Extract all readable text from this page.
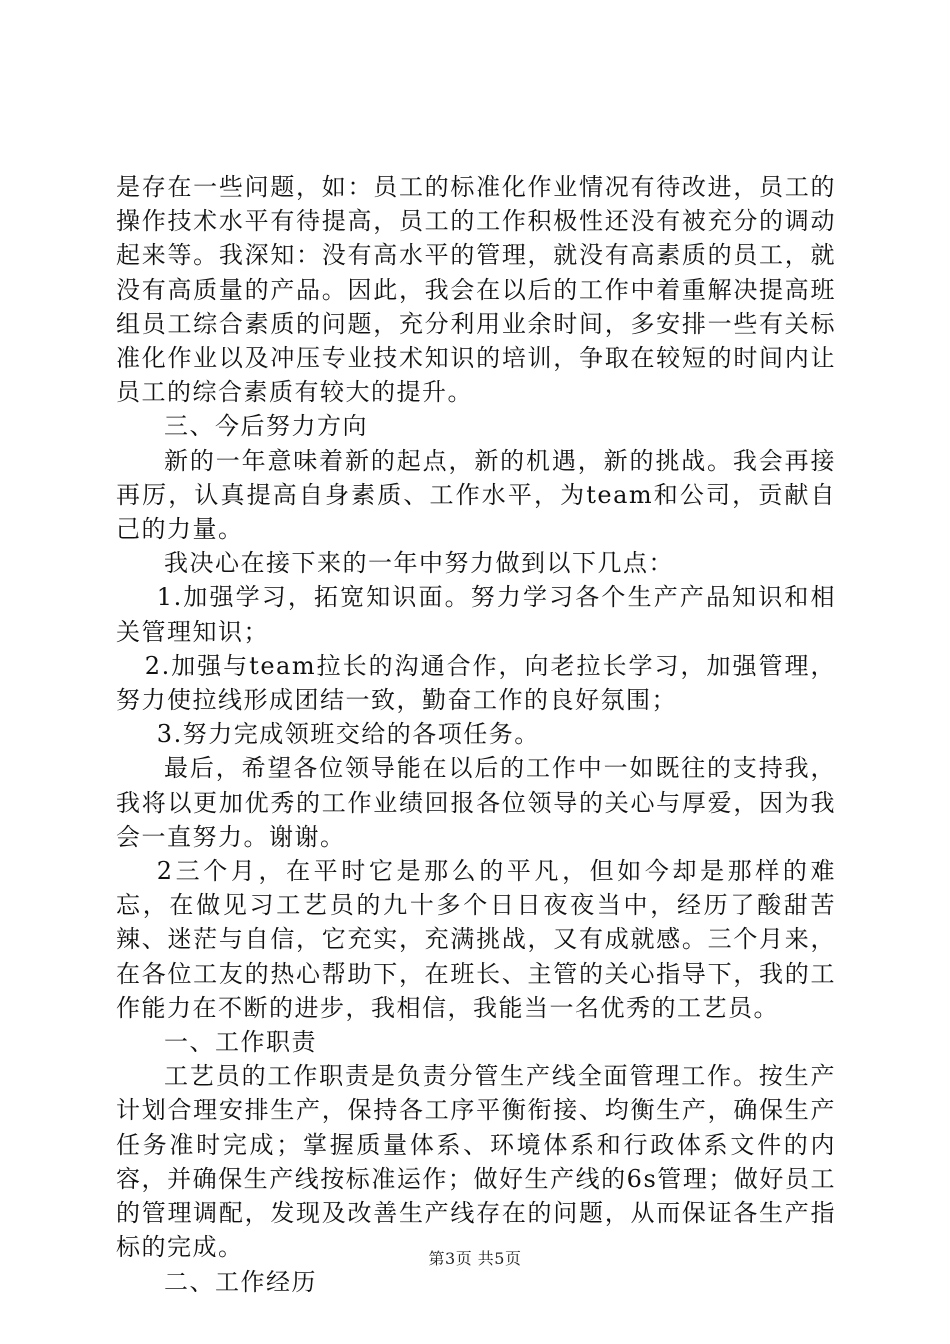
是存在一些问题，如：员工的标准化作业情况有待改进，员工的操作技术水平有待提高，员工的工作积极性还没有被充分的调动起来等。我深知：没有高水平的管理，就没有高素质的员工，就没有高质量的产品。因此，我会在以后的工作中着重解决提高班组员工综合素质的问题，充分利用业余时间，多安排一些有关标准化作业以及冲压专业技术知识的培训，争取在较短的时间内让员工的综合素质有较大的提升。

三、今后努力方向

新的一年意味着新的起点，新的机遇，新的挑战。我会再接再厉，认真提高自身素质、工作水平，为team和公司，贡献自己的力量。

我决心在接下来的一年中努力做到以下几点：

1.加强学习，拓宽知识面。努力学习各个生产产品知识和相关管理知识；

2.加强与team拉长的沟通合作，向老拉长学习，加强管理，努力使拉线形成团结一致，勤奋工作的良好氛围；

3.努力完成领班交给的各项任务。

最后，希望各位领导能在以后的工作中一如既往的支持我，我将以更加优秀的工作业绩回报各位领导的关心与厚爱，因为我会一直努力。谢谢。

2三个月，在平时它是那么的平凡，但如今却是那样的难忘，在做见习工艺员的九十多个日日夜夜当中，经历了酸甜苦辣、迷茫与自信，它充实，充满挑战，又有成就感。三个月来，在各位工友的热心帮助下，在班长、主管的关心指导下，我的工作能力在不断的进步，我相信，我能当一名优秀的工艺员。

一、工作职责

工艺员的工作职责是负责分管生产线全面管理工作。按生产计划合理安排生产，保持各工序平衡衔接、均衡生产，确保生产任务准时完成；掌握质量体系、环境体系和行政体系文件的内容，并确保生产线按标准运作；做好生产线的6s管理；做好员工的管理调配，发现及改善生产线存在的问题，从而保证各生产指标的完成。

二、工作经历

第3页 共5页
